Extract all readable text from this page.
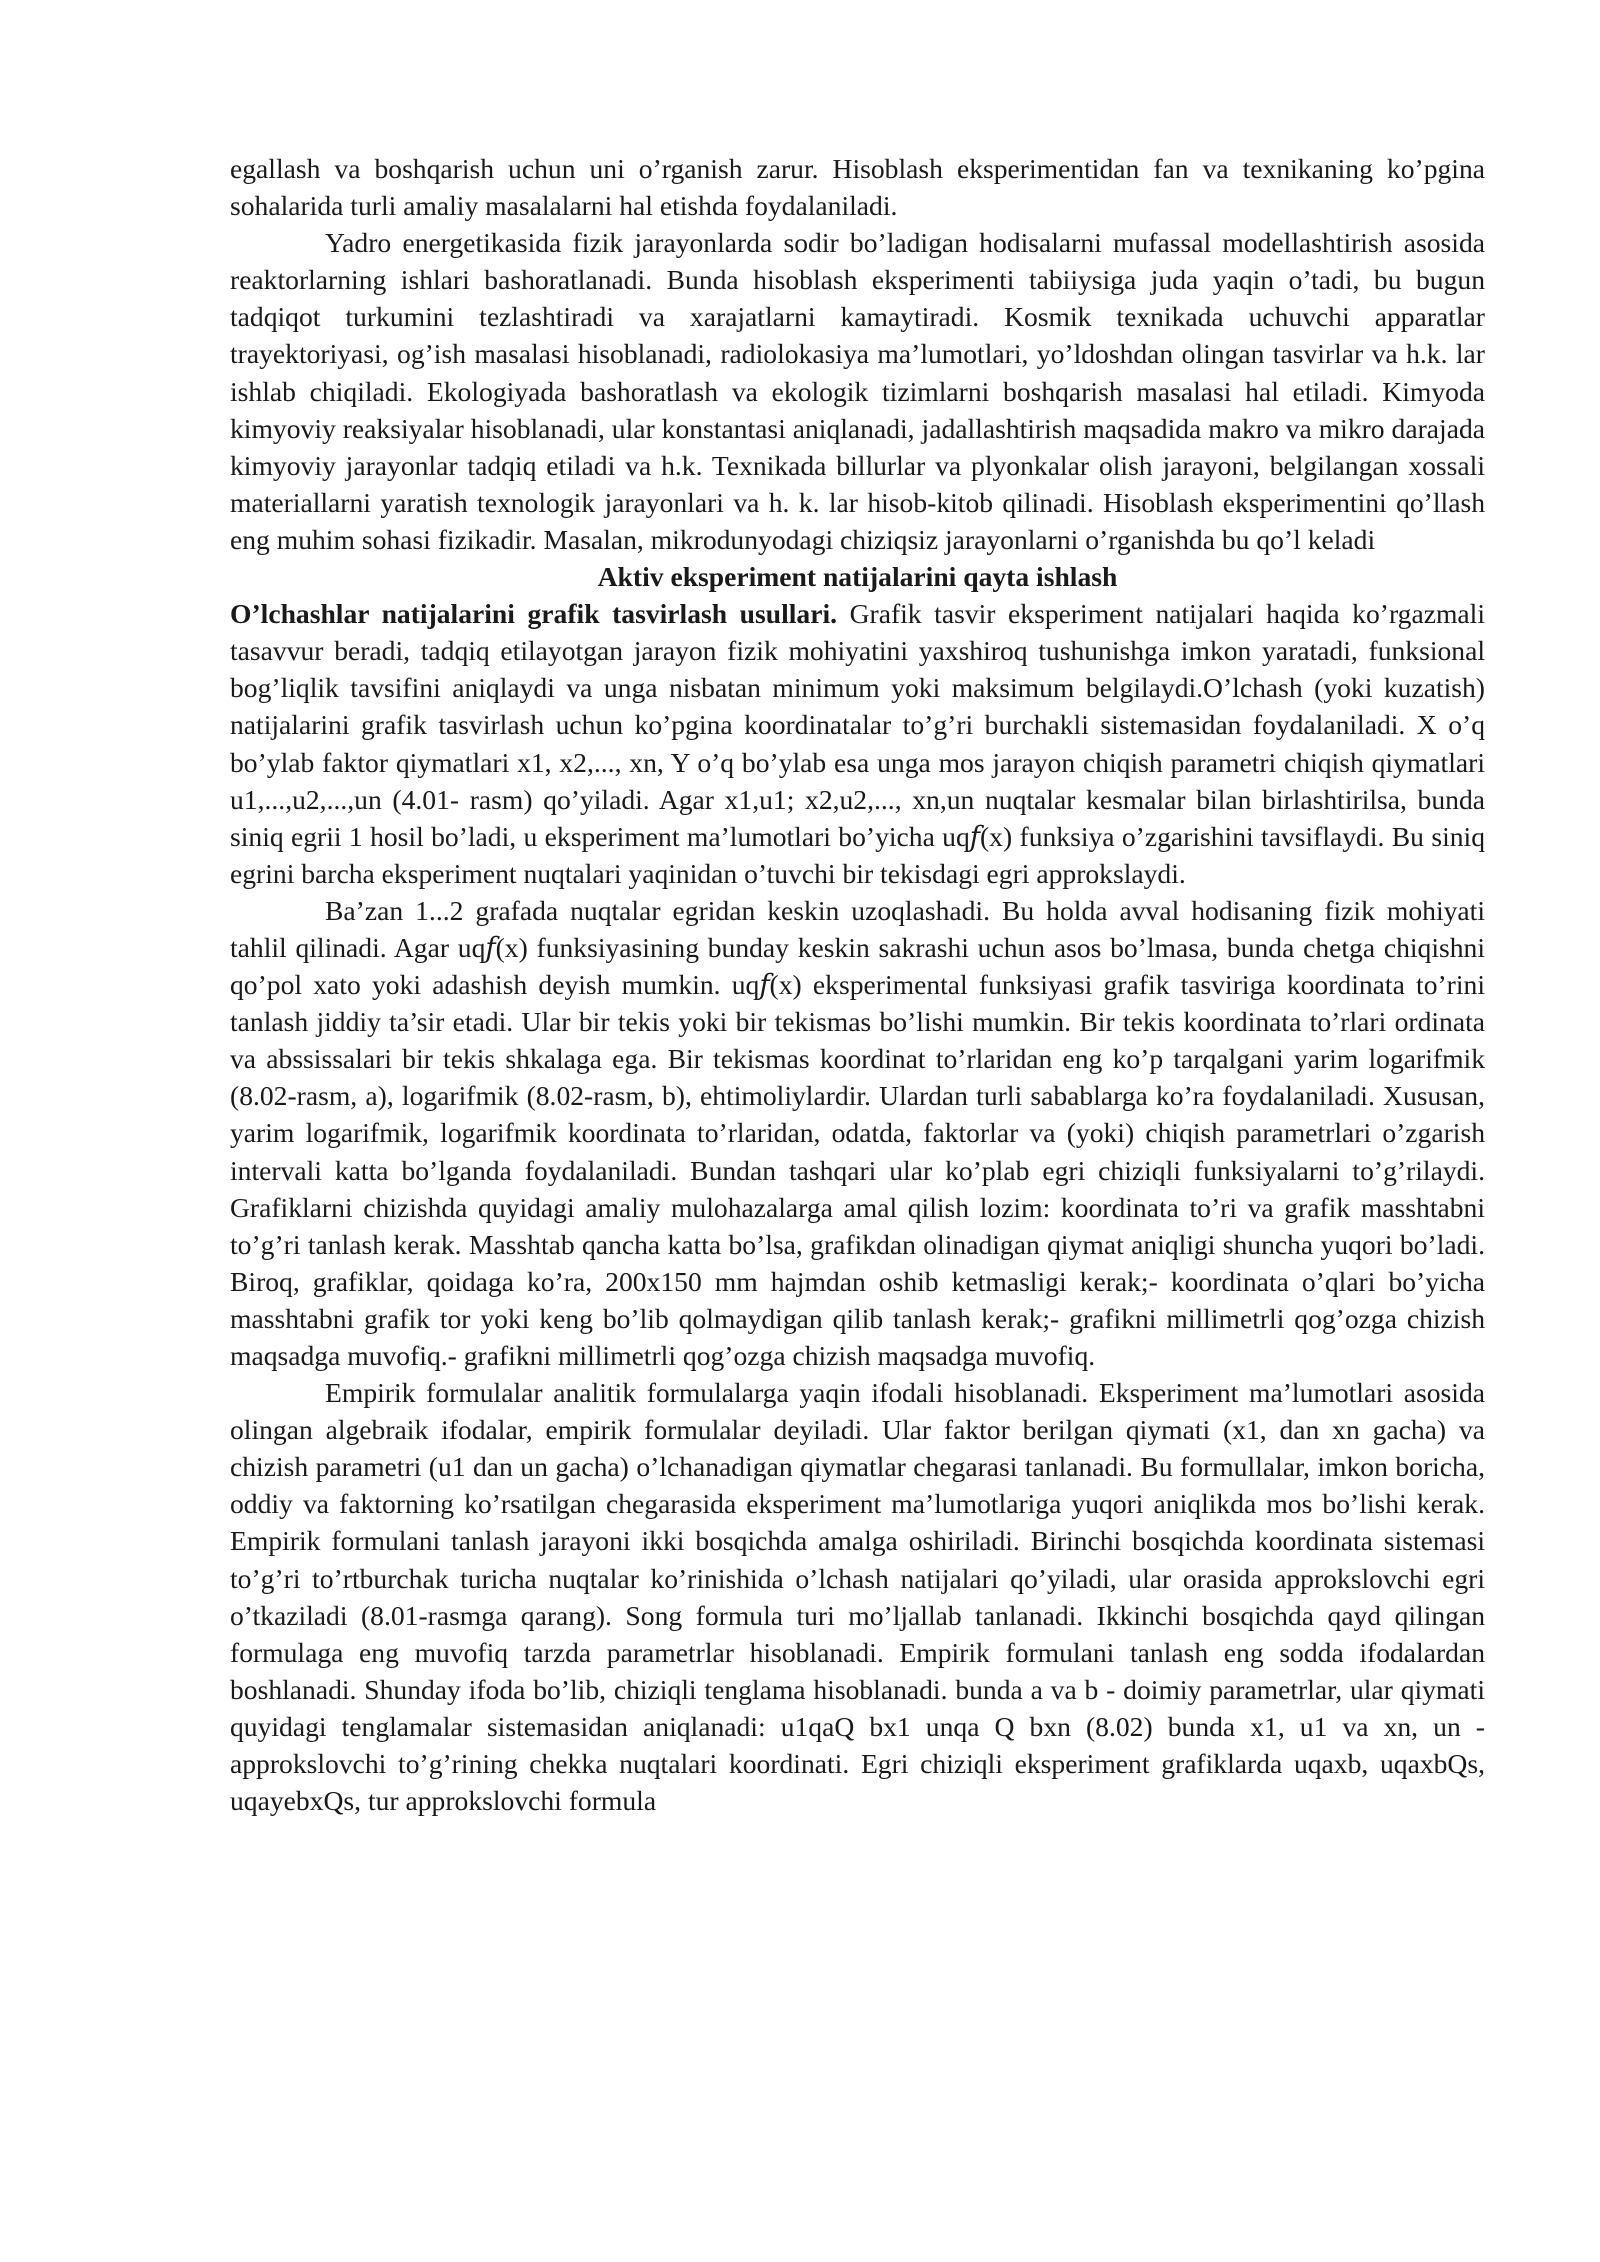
egallash va boshqarish uchun uni o’rganish zarur. Hisoblash eksperimentidan fan va texnikaning ko’pgina sohalarida turli amaliy masalalarni hal etishda foydalaniladi.

Yadro energetikasida fizik jarayonlarda sodir bo’ladigan hodisalarni mufassal modellashtirish asosida reaktorlarning ishlari bashoratlanadi. Bunda hisoblash eksperimenti tabiiysiga juda yaqin o’tadi, bu bugun tadqiqot turkumini tezlashtiradi va xarajatlarni kamaytiradi. Kosmik texnikada uchuvchi apparatlar trayektoriyasi, og’ish masalasi hisoblanadi, radiolokasiya ma’lumotlari, yo’ldoshdan olingan tasvirlar va h.k. lar ishlab chiqiladi. Ekologiyada bashoratlash va ekologik tizimlarni boshqarish masalasi hal etiladi. Kimyoda kimyoviy reaksiyalar hisoblanadi, ular konstantasi aniqlanadi, jadallashtirish maqsadida makro va mikro darajada kimyoviy jarayonlar tadqiq etiladi va h.k. Texnikada billurlar va plyonkalar olish jarayoni, belgilangan xossali materiallarni yaratish texnologik jarayonlari va h. k. lar hisob-kitob qilinadi. Hisoblash eksperimentini qo’llash eng muhim sohasi fizikadir. Masalan, mikrodunyodagi chiziqsiz jarayonlarni o’rganishda bu qo’l keladi

Aktiv eksperiment natijalarini qayta ishlash

O’lchashlar natijalarini grafik tasvirlash usullari. Grafik tasvir eksperiment natijalari haqida ko’rgazmali tasavvur beradi, tadqiq etilayotgan jarayon fizik mohiyatini yaxshiroq tushunishga imkon yaratadi, funksional bog’liqlik tavsifini aniqlaydi va unga nisbatan minimum yoki maksimum belgilaydi.O’lchash (yoki kuzatish) natijalarini grafik tasvirlash uchun ko’pgina koordinatalar to’g’ri burchakli sistemasidan foydalaniladi. X o’q bo’ylab faktor qiymatlari x1, x2,..., xn, Y o’q bo’ylab esa unga mos jarayon chiqish parametri chiqish qiymatlari u1,...,u2,...,un (4.01- rasm) qo’yiladi. Agar x1,u1; x2,u2,..., xn,un nuqtalar kesmalar bilan birlashtirilsa, bunda siniq egrii 1 hosil bo’ladi, u eksperiment ma’lumotlari bo’yicha uq𝑓(x) funksiya o’zgarishini tavsiflaydi. Bu siniq egrini barcha eksperiment nuqtalari yaqinidan o’tuvchi bir tekisdagi egri approkslaydi.

Ba’zan 1...2 grafada nuqtalar egridan keskin uzoqlashadi. Bu holda avval hodisaning fizik mohiyati tahlil qilinadi. Agar uq𝑓(x) funksiyasining bunday keskin sakrashi uchun asos bo’lmasa, bunda chetga chiqishni qo’pol xato yoki adashish deyish mumkin. uq𝑓(x) eksperimental funksiyasi grafik tasviriga koordinata to’rini tanlash jiddiy ta’sir etadi. Ular bir tekis yoki bir tekismas bo’lishi mumkin. Bir tekis koordinata to’rlari ordinata va abssissalari bir tekis shkalaga ega. Bir tekismas koordinat to’rlaridan eng ko’p tarqalgani yarim logarifmik (8.02-rasm, a), logarifmik (8.02-rasm, b), ehtimoliylardir. Ulardan turli sabablarga ko’ra foydalaniladi. Xususan, yarim logarifmik, logarifmik koordinata to’rlaridan, odatda, faktorlar va (yoki) chiqish parametrlari o’zgarish intervali katta bo’lganda foydalaniladi. Bundan tashqari ular ko’plab egri chiziqli funksiyalarni to’g’rilaydi. Grafiklarni chizishda quyidagi amaliy mulohazalarga amal qilish lozim: koordinata to’ri va grafik masshtabni to’g’ri tanlash kerak. Masshtab qancha katta bo’lsa, grafikdan olinadigan qiymat aniqligi shuncha yuqori bo’ladi. Biroq, grafiklar, qoidaga ko’ra, 200x150 mm hajmdan oshib ketmasligi kerak;- koordinata o’qlari bo’yicha masshtabni grafik tor yoki keng bo’lib qolmaydigan qilib tanlash kerak;- grafikni millimetrli qog’ozga chizish maqsadga muvofiq.- grafikni millimetrli qog’ozga chizish maqsadga muvofiq.

Empirik formulalar analitik formulalarga yaqin ifodali hisoblanadi. Eksperiment ma’lumotlari asosida olingan algebraik ifodalar, empirik formulalar deyiladi. Ular faktor berilgan qiymati (x1, dan xn gacha) va chizish parametri (u1 dan un gacha) o’lchanadigan qiymatlar chegarasi tanlanadi. Bu formullalar, imkon boricha, oddiy va faktorning ko’rsatilgan chegarasida eksperiment ma’lumotlariga yuqori aniqlikda mos bo’lishi kerak. Empirik formulani tanlash jarayoni ikki bosqichda amalga oshiriladi. Birinchi bosqichda koordinata sistemasi to’g’ri to’rtburchak turicha nuqtalar ko’rinishida o’lchash natijalari qo’yiladi, ular orasida approkslovchi egri o’tkaziladi (8.01-rasmga qarang). Song formula turi mo’ljallab tanlanadi. Ikkinchi bosqichda qayd qilingan formulaga eng muvofiq tarzda parametrlar hisoblanadi. Empirik formulani tanlash eng sodda ifodalardan boshlanadi. Shunday ifoda bo’lib, chiziqli tenglama hisoblanadi. bunda a va b - doimiy parametrlar, ular qiymati quyidagi tenglamalar sistemasidan aniqlanadi: u1qaQ bx1 unqa Q bxn (8.02) bunda x1, u1 va xn, un - approkslovchi to’g’rining chekka nuqtalari koordinati. Egri chiziqli eksperiment grafiklarda uqaxb, uqaxbQs, uqayebxQs, tur approkslovchi formula
